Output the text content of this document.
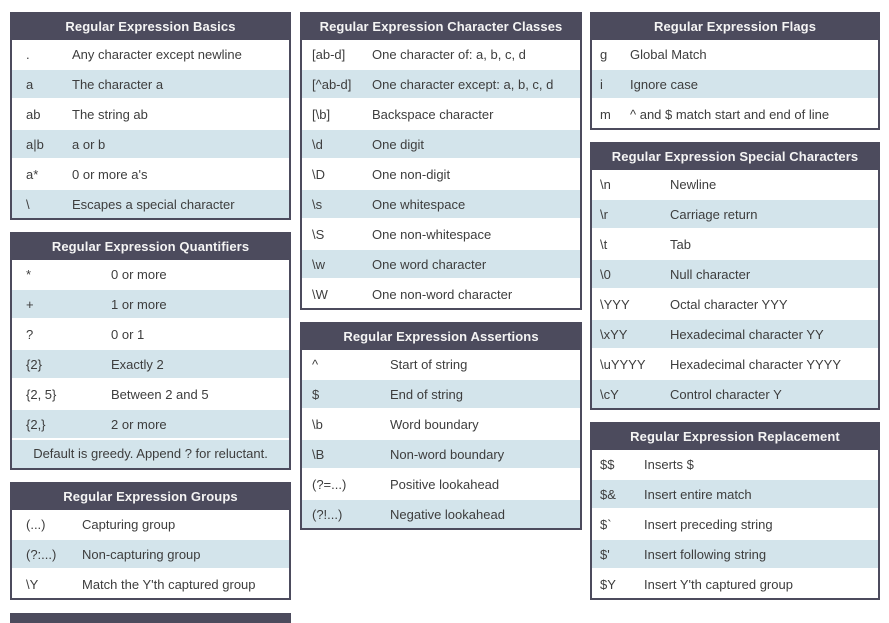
Regular Expression Basics
.	Any character except newline
a	The character a
ab	The string ab
a|b	a or b
a*	0 or more a's
\	Escapes a special character
Regular Expression Quantifiers
*	0 or more
+	1 or more
?	0 or 1
{2}	Exactly 2
{2, 5}	Between 2 and 5
{2,}	2 or more
Default is greedy. Append ? for reluctant.
Regular Expression Groups
(...)	Capturing group
(?:...)	Non-capturing group
\Y	Match the Y'th captured group
Regular Expression Character Classes
[ab-d]	One character of: a, b, c, d
[^ab-d]	One character except: a, b, c, d
[\b]	Backspace character
\d	One digit
\D	One non-digit
\s	One whitespace
\S	One non-whitespace
\w	One word character
\W	One non-word character
Regular Expression Assertions
^	Start of string
$	End of string
\b	Word boundary
\B	Non-word boundary
(?=...)	Positive lookahead
(?!...)	Negative lookahead
Regular Expression Flags
g	Global Match
i	Ignore case
m	^ and $ match start and end of line
Regular Expression Special Characters
\n	Newline
\r	Carriage return
\t	Tab
\0	Null character
\YYY	Octal character YYY
\xYY	Hexadecimal character YY
\uYYYY	Hexadecimal character YYYY
\cY	Control character Y
Regular Expression Replacement
$$	Inserts $
$&	Insert entire match
$`	Insert preceding string
$'	Insert following string
$Y	Insert Y'th captured group
